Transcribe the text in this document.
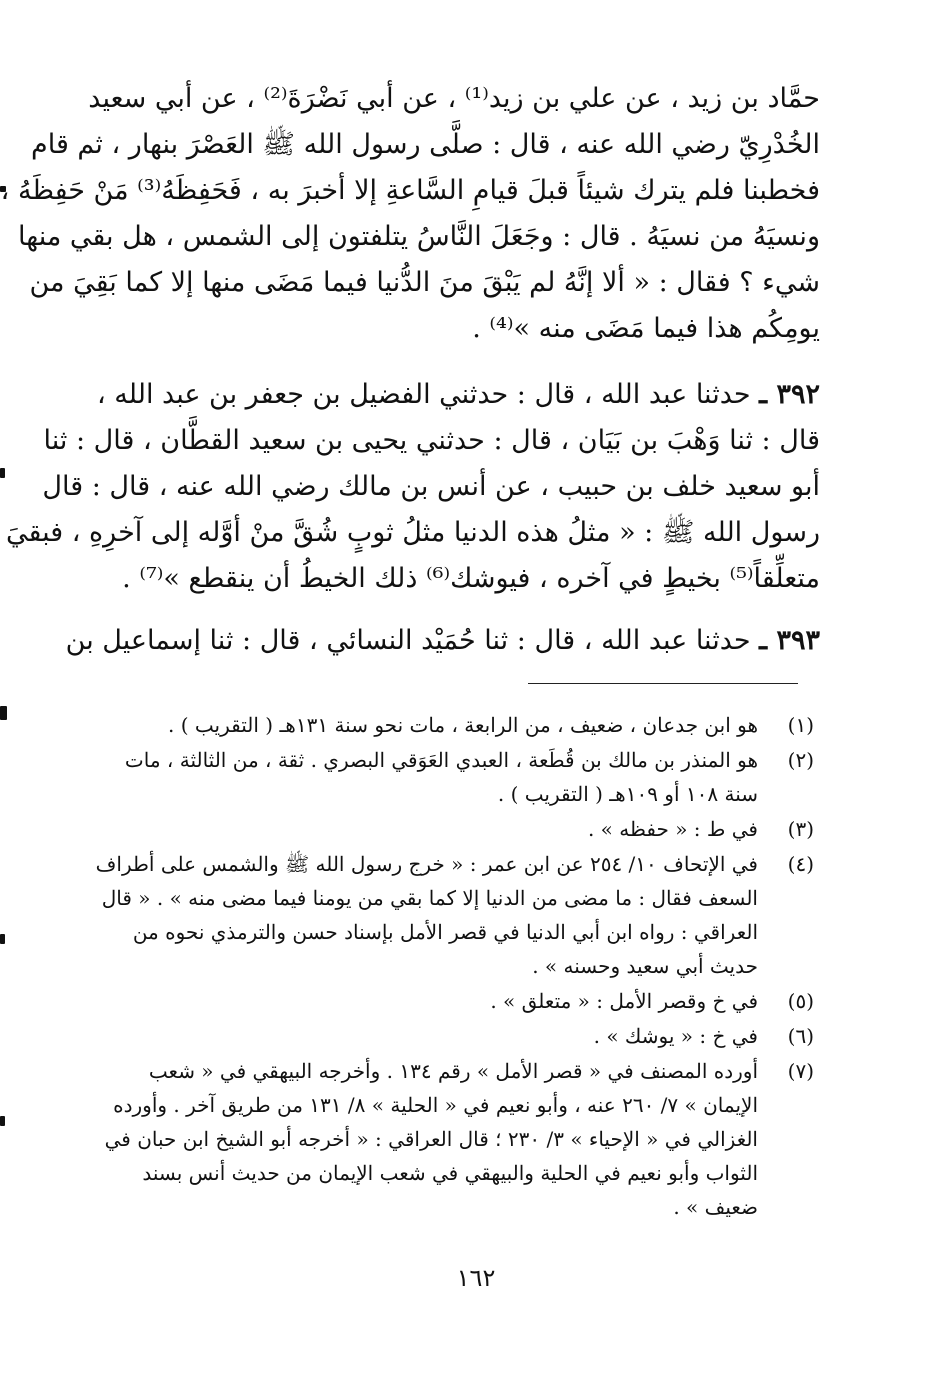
حمَّاد بن زيد ، عن علي بن زيد⁽¹⁾ ، عن أبي نَضْرَةَ⁽²⁾ ، عن أبي سعيد
الخُدْرِيّ رضي الله عنه ، قال : صلَّى رسول الله ﷺ العَصْرَ بنهار ، ثم قام
فخطبنا فلم يترك شيئاً قبلَ قيامِ السَّاعةِ إلا أخبرَ به ، فَحَفِظَهُ⁽³⁾ مَنْ حَفِظَهُ ،
ونسيَهُ من نسيَهُ . قال : وجَعَلَ النَّاسُ يتلفتون إلى الشمس ، هل بقي منها
شيء ؟ فقال : « ألا إنَّهُ لم يَبْقَ منَ الدُّنيا فيما مَضَى منها إلا كما بَقِيَ من
يومِكُم هذا فيما مَضَى منه »⁽⁴⁾ .
٣٩٢ ـ حدثنا عبد الله ، قال : حدثني الفضيل بن جعفر بن عبد الله ،
قال : ثنا وَهْبَ بن بَيَان ، قال : حدثني يحيى بن سعيد القطَّان ، قال : ثنا
أبو سعيد خلف بن حبيب ، عن أنس بن مالك رضي الله عنه ، قال : قال
رسول الله ﷺ : « مثلُ هذه الدنيا مثلُ ثوبٍ شُقَّ منْ أوَّله إلى آخرِهِ ، فبقيَ
متعلِّقاً⁽⁵⁾ بخيطٍ في آخره ، فيوشك⁽⁶⁾ ذلك الخيطُ أن ينقطع »⁽⁷⁾ .
٣٩٣ ـ حدثنا عبد الله ، قال : ثنا حُمَيْد النسائي ، قال : ثنا إسماعيل بن
(١)
هو ابن جدعان ، ضعيف ، من الرابعة ، مات نحو سنة ١٣١هـ ( التقريب ) .
(٢)
هو المنذر بن مالك بن قُطَعة ، العبدي العَوَقي البصري . ثقة ، من الثالثة ، مات
سنة ١٠٨ أو ١٠٩هـ ( التقريب ) .
(٣)
في ط : « حفظه » .
(٤)
في الإتحاف ١٠/ ٢٥٤ عن ابن عمر : « خرج رسول الله ﷺ والشمس على أطراف
السعف فقال : ما مضى من الدنيا إلا كما بقي من يومنا فيما مضى منه » . « قال
العراقي : رواه ابن أبي الدنيا في قصر الأمل بإسناد حسن والترمذي نحوه من
حديث أبي سعيد وحسنه » .
(٥)
في خ وقصر الأمل : « متعلق » .
(٦)
في خ : « يوشك » .
(٧)
أورده المصنف في « قصر الأمل » رقم ١٣٤ . وأخرجه البيهقي في « شعب
الإيمان » ٧/ ٢٦٠ عنه ، وأبو نعيم في « الحلية » ٨/ ١٣١ من طريق آخر . وأورده
الغزالي في « الإحياء » ٣/ ٢٣٠ ؛ قال العراقي : « أخرجه أبو الشيخ ابن حبان في
الثواب وأبو نعيم في الحلية والبيهقي في شعب الإيمان من حديث أنس بسند
ضعيف » .
١٦٢
